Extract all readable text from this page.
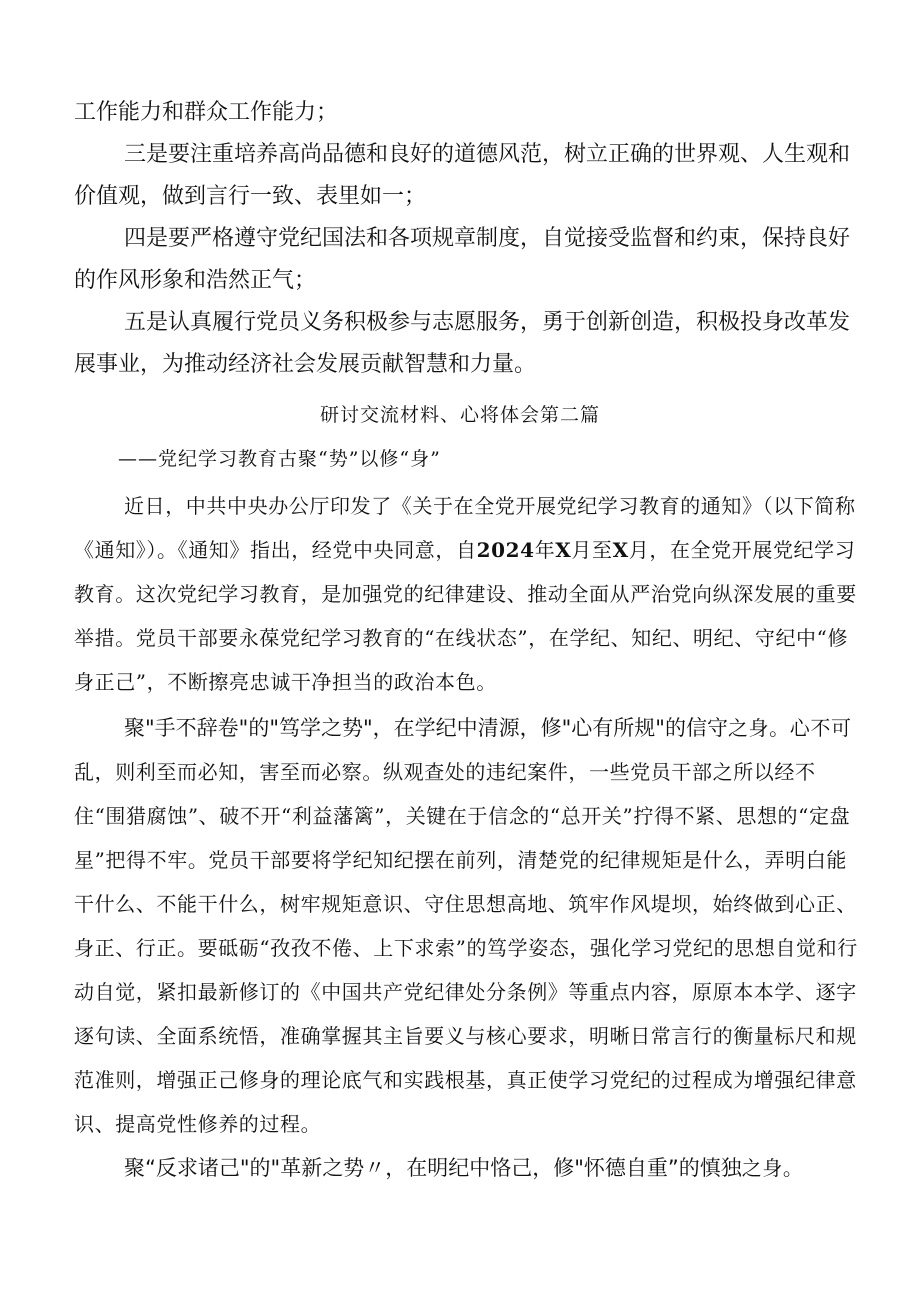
工作能力和群众工作能力；

三是要注重培养高尚品德和良好的道德风范，树立正确的世界观、人生观和价值观，做到言行一致、表里如一；

四是要严格遵守党纪国法和各项规章制度，自觉接受监督和约束，保持良好的作风形象和浩然正气；

五是认真履行党员义务积极参与志愿服务，勇于创新创造，积极投身改革发展事业，为推动经济社会发展贡献智慧和力量。

研讨交流材料、心将体会第二篇

——党纪学习教育古聚“势”以修“身”

近日，中共中央办公厅印发了《关于在全党开展党纪学习教育的通知》（以下简称《通知》）。《通知》指出，经党中央同意，自2024年X月至X月，在全党开展党纪学习教育。这次党纪学习教育，是加强党的纪律建设、推动全面从严治党向纵深发展的重要举措。党员干部要永葆党纪学习教育的“在线状态”，在学纪、知纪、明纪、守纪中“修身正己”，不断擦亮忠诚干净担当的政治本色。

聚"手不辞卷"的"笃学之势"，在学纪中清源，修"心有所规"的信守之身。心不可乱，则利至而必知，害至而必察。纵观查处的违纪案件，一些党员干部之所以经不住“围猎腐蚀”、破不开“利益藩篱”，关键在于信念的“总开关”拧得不紧、思想的“定盘星”把得不牢。党员干部要将学纪知纪摆在前列，清楚党的纪律规矩是什么，弄明白能干什么、不能干什么，树牢规矩意识、守住思想高地、筑牢作风堤坝，始终做到心正、身正、行正。要砥砺“孜孜不倦、上下求索”的笃学姿态，强化学习党纪的思想自觉和行动自觉，紧扣最新修订的《中国共产党纪律处分条例》等重点内容，原原本本学、逐字逐句读、全面系统悟，准确掌握其主旨要义与核心要求，明晰日常言行的衡量标尺和规范准则，增强正己修身的理论底气和实践根基，真正使学习党纪的过程成为增强纪律意识、提高党性修养的过程。

聚“反求诸己"的"革新之势〃，在明纪中恪己，修"怀德自重”的慎独之身。
